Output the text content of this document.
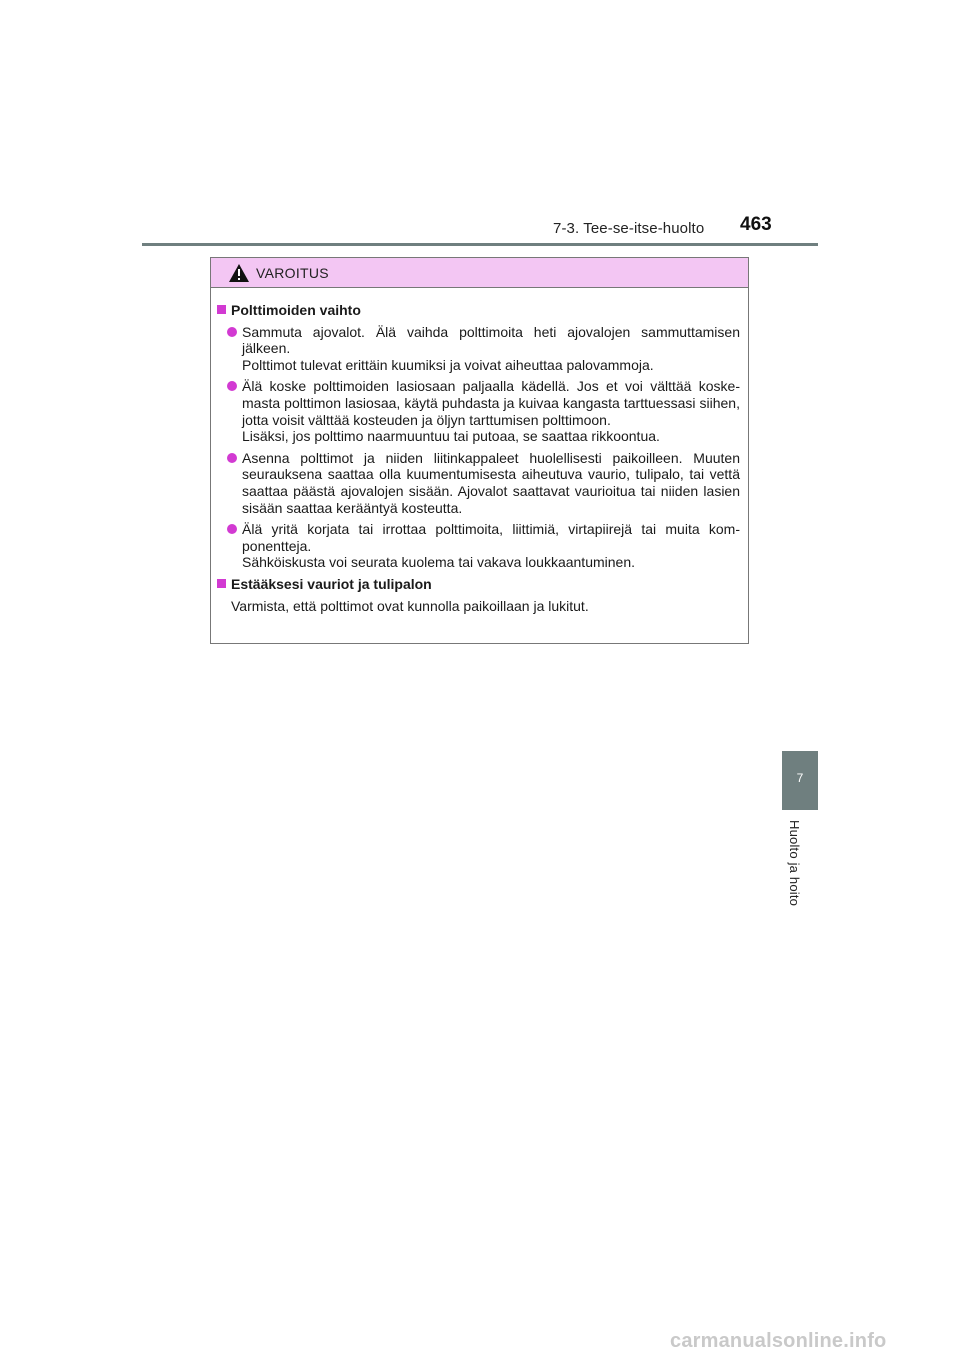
7-3. Tee-se-itse-huolto 463
VAROITUS
Polttimoiden vaihto
Sammuta ajovalot. Älä vaihda polttimoita heti ajovalojen sammuttamisen jälkeen.
Polttimot tulevat erittäin kuumiksi ja voivat aiheuttaa palovammoja.
Älä koske polttimoiden lasiosaan paljaalla kädellä. Jos et voi välttää koske-masta polttimon lasiosaa, käytä puhdasta ja kuivaa kangasta tarttuessasi siihen, jotta voisit välttää kosteuden ja öljyn tarttumisen polttimoon.
Lisäksi, jos polttimo naarmuuntuu tai putoaa, se saattaa rikkoontua.
Asenna polttimot ja niiden liitinkappaleet huolellisesti paikoilleen. Muuten seurauksena saattaa olla kuumentumisesta aiheutuva vaurio, tulipalo, tai vettä saattaa päästä ajovalojen sisään. Ajovalot saattavat vaurioitua tai niiden lasien sisään saattaa kerääntyä kosteutta.
Älä yritä korjata tai irrottaa polttimoita, liittimiä, virtapiirejä tai muita kom-ponentteja.
Sähköiskusta voi seurata kuolema tai vakava loukkaantuminen.
Estääksesi vauriot ja tulipalon
Varmista, että polttimot ovat kunnolla paikoillaan ja lukitut.
7
Huolto ja hoito
carmanualsonline.info
